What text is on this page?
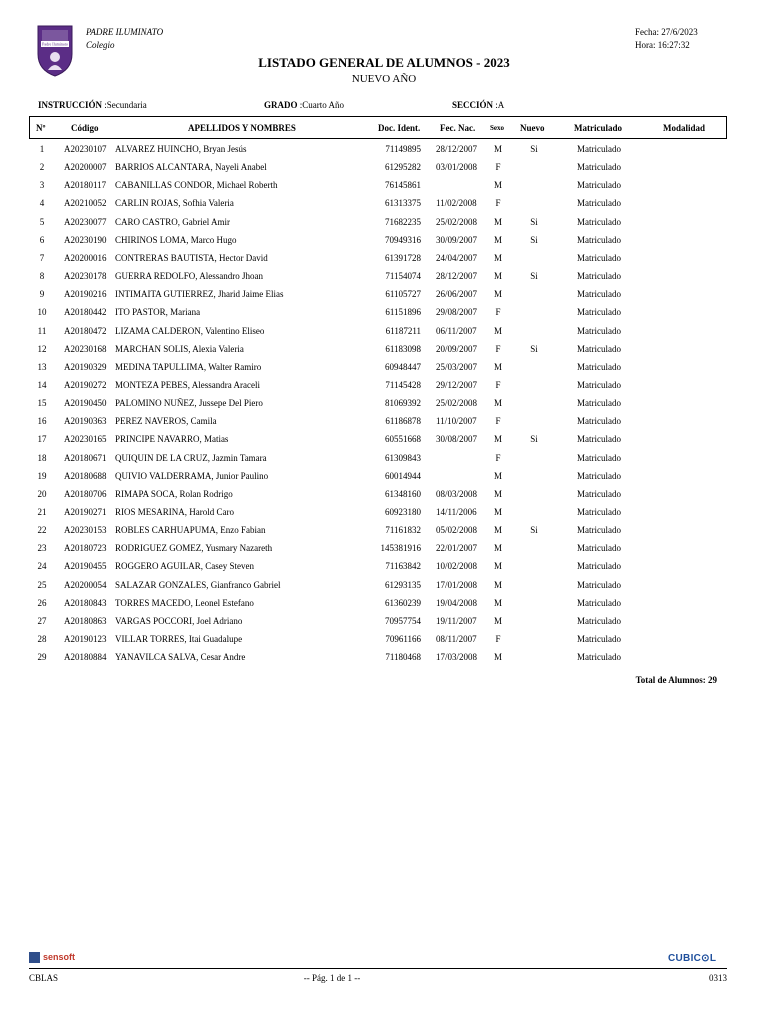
Padre Iluminato
PADRE ILUMINATO
Colegio
Fecha: 27/6/2023
Hora: 16:27:32
LISTADO GENERAL DE ALUMNOS - 2023
NUEVO AÑO
INSTRUCCIÓN :Secundaria	GRADO :Cuarto Año	SECCIÓN :A
Nº	Código	APELLIDOS Y NOMBRES	Doc. Ident. Fec. Nac. Sexo Nuevo	Matriculado	Modalidad
1	A20230107 ALVAREZ HUINCHO, Bryan Jesús	71149895 28/12/2007	M	Si	Matriculado
2	A20200007 BARRIOS ALCANTARA, Nayeli Anabel	61295282 03/01/2008	F	Matriculado
3	A20180117 CABANILLAS CONDOR, Michael Roberth	76145861	M	Matriculado
4	A20210052 CARLIN ROJAS, Sofhia Valeria	61313375 11/02/2008	F	Matriculado
5	A20230077 CARO CASTRO, Gabriel Amir	71682235 25/02/2008	M	Si	Matriculado
6	A20230190 CHIRINOS LOMA, Marco Hugo	70949316 30/09/2007	M	Si	Matriculado
7	A20200016 CONTRERAS BAUTISTA, Hector David	61391728 24/04/2007	M	Matriculado
8	A20230178 GUERRA REDOLFO, Alessandro Jhoan	71154074 28/12/2007	M	Si	Matriculado
9	A20190216 INTIMAITA GUTIERREZ, Jharid Jaime Elias	61105727 26/06/2007	M	Matriculado
10	A20180442 ITO PASTOR, Mariana	61151896 29/08/2007	F	Matriculado
11	A20180472 LIZAMA CALDERON, Valentino Eliseo	61187211 06/11/2007	M	Matriculado
12	A20230168 MARCHAN SOLIS, Alexia Valeria	61183098 20/09/2007	F	Si	Matriculado
13	A20190329 MEDINA TAPULLIMA, Walter Ramiro	60948447 25/03/2007	M	Matriculado
14	A20190272 MONTEZA PEBES, Alessandra Araceli	71145428 29/12/2007	F	Matriculado
15	A20190450 PALOMINO NUÑEZ, Jussepe Del Piero	81069392 25/02/2008	M	Matriculado
16	A20190363 PEREZ NAVEROS, Camila	61186878 11/10/2007	F	Matriculado
17	A20230165 PRINCIPE NAVARRO, Matias	60551668 30/08/2007	M	Si	Matriculado
18	A20180671 QUIQUIN DE LA CRUZ, Jazmin Tamara	61309843	F	Matriculado
19	A20180688 QUIVIO VALDERRAMA, Junior Paulino	60014944	M	Matriculado
20	A20180706 RIMAPA SOCA, Rolan Rodrigo	61348160 08/03/2008	M	Matriculado
21	A20190271 RIOS MESARINA, Harold Caro	60923180 14/11/2006	M	Matriculado
22	A20230153 ROBLES CARHUAPUMA, Enzo Fabian	71161832 05/02/2008	M	Si	Matriculado
23	A20180723 RODRIGUEZ GOMEZ, Yusmary Nazareth	145381916 22/01/2007	M	Matriculado
24	A20190455 ROGGERO AGUILAR, Casey Steven	71163842 10/02/2008	M	Matriculado
25	A20200054 SALAZAR GONZALES, Gianfranco Gabriel	61293135 17/01/2008	M	Matriculado
26	A20180843 TORRES MACEDO, Leonel Estefano	61360239 19/04/2008	M	Matriculado
27	A20180863 VARGAS POCCORI, Joel Adriano	70957754 19/11/2007	M	Matriculado
28	A20190123 VILLAR TORRES, Itai Guadalupe	70961166 08/11/2007	F	Matriculado
29	A20180884 YANAVILCA SALVA, Cesar Andre	71180468 17/03/2008	M	Matriculado
Total de Alumnos: 29
sensoft	CUBIC⊙L
CBLAS	-- Pág. 1 de 1 --	0313
